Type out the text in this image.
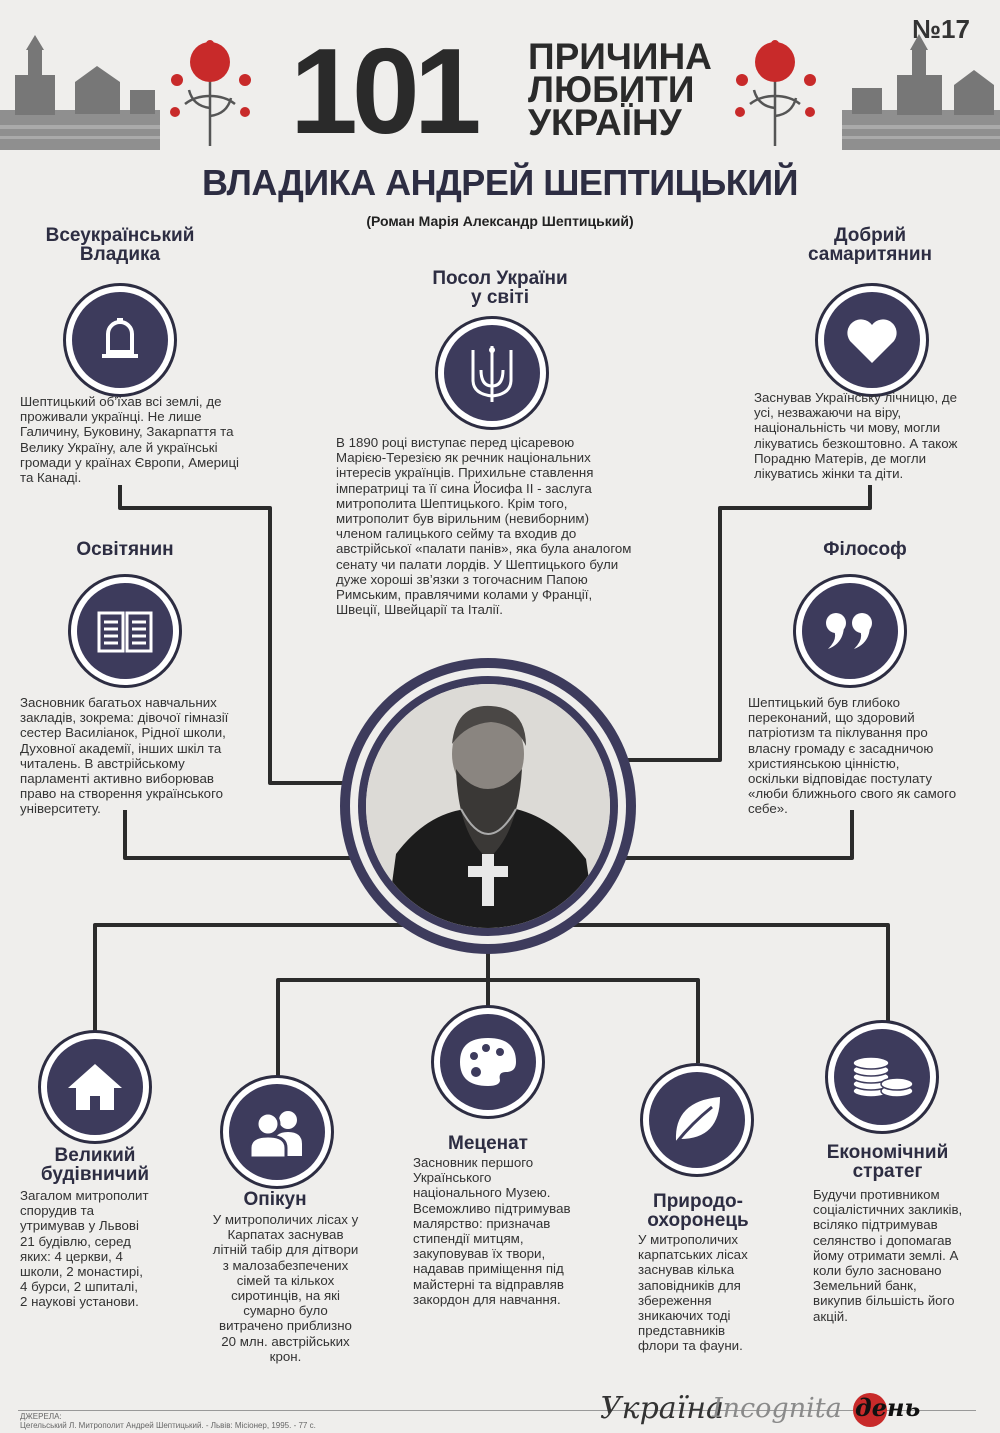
№17
101 ПРИЧИНА
ЛЮБИТИ
УКРАЇНУ
ВЛАДИКА АНДРЕЙ ШЕПТИЦЬКИЙ
(Роман Марія Александр Шептицький)
Всеукраїнський
Владика
Шептицький об’їхав всі землі, де
проживали українці. Не лише
Галичину, Буковину, Закарпаття та
Велику Україну, але й українські
громади у країнах Європи, Америці
та Канаді.
Посол України
у світі
В 1890 році виступає перед цісаревою
Марією-Терезією як речник національних
інтересів українців. Прихильне ставлення
імператриці та її сина Йосифа ІІ - заслуга
митрополита Шептицького. Крім того,
митрополит був вірильним (невиборним)
членом галицького сейму та входив до
австрійської «палати панів», яка була аналогом
сенату чи палати лордів. У Шептицького були
дуже хороші зв’язки з тогочасним Папою
Римським, правлячими колами у Франції,
Швеції, Швейцарії та Італії.
Добрий
самаритянин
Заснував Українську лічницю, де
усі, незважаючи на віру,
національність чи мову, могли
лікуватись безкоштовно. А також
Порадню Матерів, де могли
лікуватись жінки та діти.
Освітянин
Засновник багатьох навчальних
закладів, зокрема: дівочої гімназії
сестер Василіанок, Рідної школи,
Духовної академії, інших шкіл та
читалень. В австрійському
парламенті активно виборював
право на створення українського
університету.
Філософ
Шептицький був глибоко
переконаний, що здоровий
патріотизм та піклування про
власну громаду є засадничою
християнською цінністю,
оскільки відповідає постулату
«люби ближнього свого як самого
себе».
Великий
будівничий
Загалом митрополит
спорудив та
утримував у Львові
21 будівлю, серед
яких: 4 церкви, 4
школи, 2 монастирі,
4 бурси, 2 шпиталі,
2 наукові установи.
Опікун
У митрополичих лісах у
Карпатах заснував
літній табір для дітвори
з малозабезпечених
сімей та кількох
сиротинців, на які
сумарно було
витрачено приблизно
20 млн. австрійських
крон.
Меценат
Засновник першого
Українського
національного Музею.
Всеможливо підтримував
малярство: призначав
стипендії митцям,
закуповував їх твори,
надавав приміщення під
майстерні та відправляв
закордон для навчання.
Природо-
охоронець
У митрополичих
карпатських лісах
заснував кілька
заповідників для
збереження
зникаючих тоді
представників
флори та фауни.
Економічний
стратег
Будучи противником
соціалістичних закликів,
всіляко підтримував
селянство і допомагав
йому отримати землі. А
коли було засновано
Земельний банк,
викупив більшість його
акцій.
ДЖЕРЕЛА:
Цегельський Л. Митрополит Андрей Шептицький. - Львів: Місіонер, 1995. - 77 с.	Україна
Incognita день
